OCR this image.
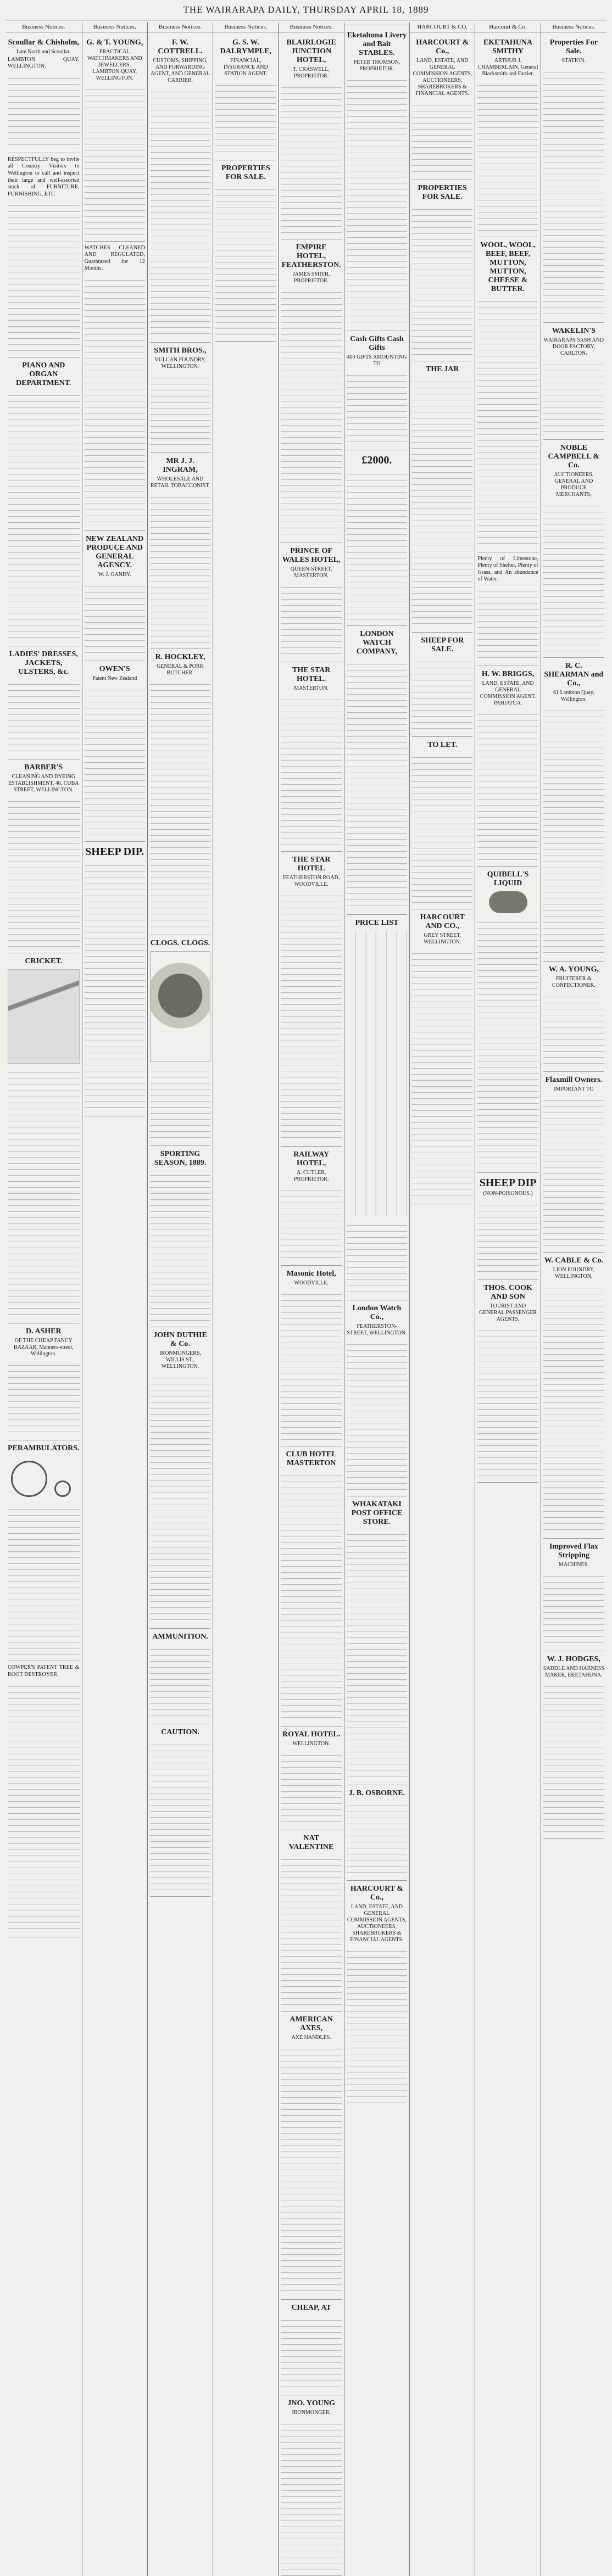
THE WAIRARAPA DAILY, THURSDAY APRIL 18, 1889
Business Notices.
Scoullar & Chisholm,
Late North and Scoullar,
LAMBTON QUAY, WELLINGTON.
RESPECTFULLY beg to invite all Country Visitors to Wellington to call and inspect their large and well-assorted stock of FURNITURE, FURNISHING, ETC
PIANO AND ORGAN DEPARTMENT.
LADIES' DRESSES, JACKETS, ULSTERS, &c.
BARBER'S
CLEANING AND DYEING ESTABLISHMENT, 48, CUBA STREET, WELLINGTON.
CRICKET.
D. ASHER
OF THE CHEAP FANCY BAZAAR, Manners-street, Wellington.
PERAMBULATORS.
COWPER'S PATENT TREE & ROOT DESTROYER.
Business Notices.
G. & T. YOUNG,
PRACTICAL WATCHMAKERS AND JEWELLERS, LAMBTON QUAY, WELLINGTON.
WATCHES CLEANED AND REGULATED, Guaranteed for 12 Months.
NEW ZEALAND PRODUCE AND GENERAL AGENCY.
W. J. GANDY.
OWEN'S
Patent New Zealand
SHEEP DIP.
Business Notices.
F. W. COTTRELL.
CUSTOMS, SHIPPING, AND FORWARDING AGENT, AND GENERAL CARRIER.
SMITH BROS.,
VULCAN FOUNDRY, WELLINGTON.
MR J. J. INGRAM,
WHOLESALE AND RETAIL TOBACCONIST.
R. HOCKLEY,
GENERAL & PORK BUTCHER.
CLOGS. CLOGS.
SPORTING SEASON, 1889.
JOHN DUTHIE & Co.
IRONMONGERS, WILLIS ST., WELLINGTON.
AMMUNITION.
CAUTION.
Business Notices.
G. S. W. DALRYMPLE,
FINANCIAL, INSURANCE AND STATION AGENT.
PROPERTIES FOR SALE.
Business Notices.
BLAIRLOGIE JUNCTION HOTEL,
T. CRASWELL, PROPRIETOR.
EMPIRE HOTEL, FEATHERSTON.
JAMES SMITH, PROPRIETOR.
PRINCE OF WALES HOTEL,
QUEEN-STREET, MASTERTON.
THE STAR HOTEL.
MASTERTON.
THE STAR HOTEL
FEATHERSTON ROAD, WOODVILLE.
RAILWAY HOTEL,
A. CUTLER, PROPRIETOR.
Masonic Hotel,
WOODVILLE.
CLUB HOTEL MASTERTON
ROYAL HOTEL.
WELLINGTON.
NAT VALENTINE
AMERICAN AXES,
AXE HANDLES.
CHEAP, AT
JNO. YOUNG
IRONMONGER.
Eketahuna Livery and Bait STABLES.
PETER THOMSON, PROPRIETOR.
Cash Gifts Cash Gifts
400 GIFTS AMOUNTING TO
£2000.
LONDON WATCH COMPANY,
PRICE LIST
London Watch Co.,
FEATHERSTON-STREET, WELLINGTON.
WHAKATAKI POST OFFICE STORE.
J. B. OSBORNE.
HARCOURT & Co.,
LAND, ESTATE, AND GENERAL COMMISSION AGENTS, AUCTIONEERS, SHAREBROKERS & FINANCIAL AGENTS.
HARCOURT & CO.
HARCOURT & Co.,
LAND, ESTATE, AND GENERAL COMMISSION AGENTS, AUCTIONEERS, SHAREBROKERS & FINANCIAL AGENTS.
PROPERTIES FOR SALE.
THE JAR
SHEEP FOR SALE.
TO LET.
HARCOURT AND CO.,
GREY STREET, WELLINGTON.
Harcourt & Co.
EKETAHUNA SMITHY
ARTHUR J. CHAMBERLAIN, General Blacksmith and Farrier.
WOOL, WOOL, BEEF, BEEF, MUTTON, MUTTON, CHEESE & BUTTER.
Plenty of Limestone, Plenty of Shelter, Plenty of Grass, and An abundance of Water.
H. W. BRIGGS,
LAND, ESTATE, AND GENERAL COMMISSION AGENT. PAHIATUA.
QUIBELL'S LIQUID
SHEEP DIP
(NON-POISONOUS.)
THOS. COOK AND SON
TOURIST AND GENERAL PASSENGER AGENTS.
Business Notices.
Properties For Sale.
STATION.
WAKELIN'S
WAIRARAPA SASH AND DOOR FACTORY, CARLTON.
NOBLE CAMPBELL & Co.
AUCTIONEERS, GENERAL AND PRODUCE MERCHANTS,
R. C. SHEARMAN and Co.,
61 Lambton Quay, Wellington.
W. A. YOUNG,
FRUITERER & CONFECTIONER.
Flaxmill Owners.
IMPORTANT TO
W. CABLE & Co.
LION FOUNDRY, WELLINGTON,
Improved Flax Stripping
MACHINES.
W. J. HODGES,
SADDLE AND HARNESS MAKER, EKETAHUNA.
